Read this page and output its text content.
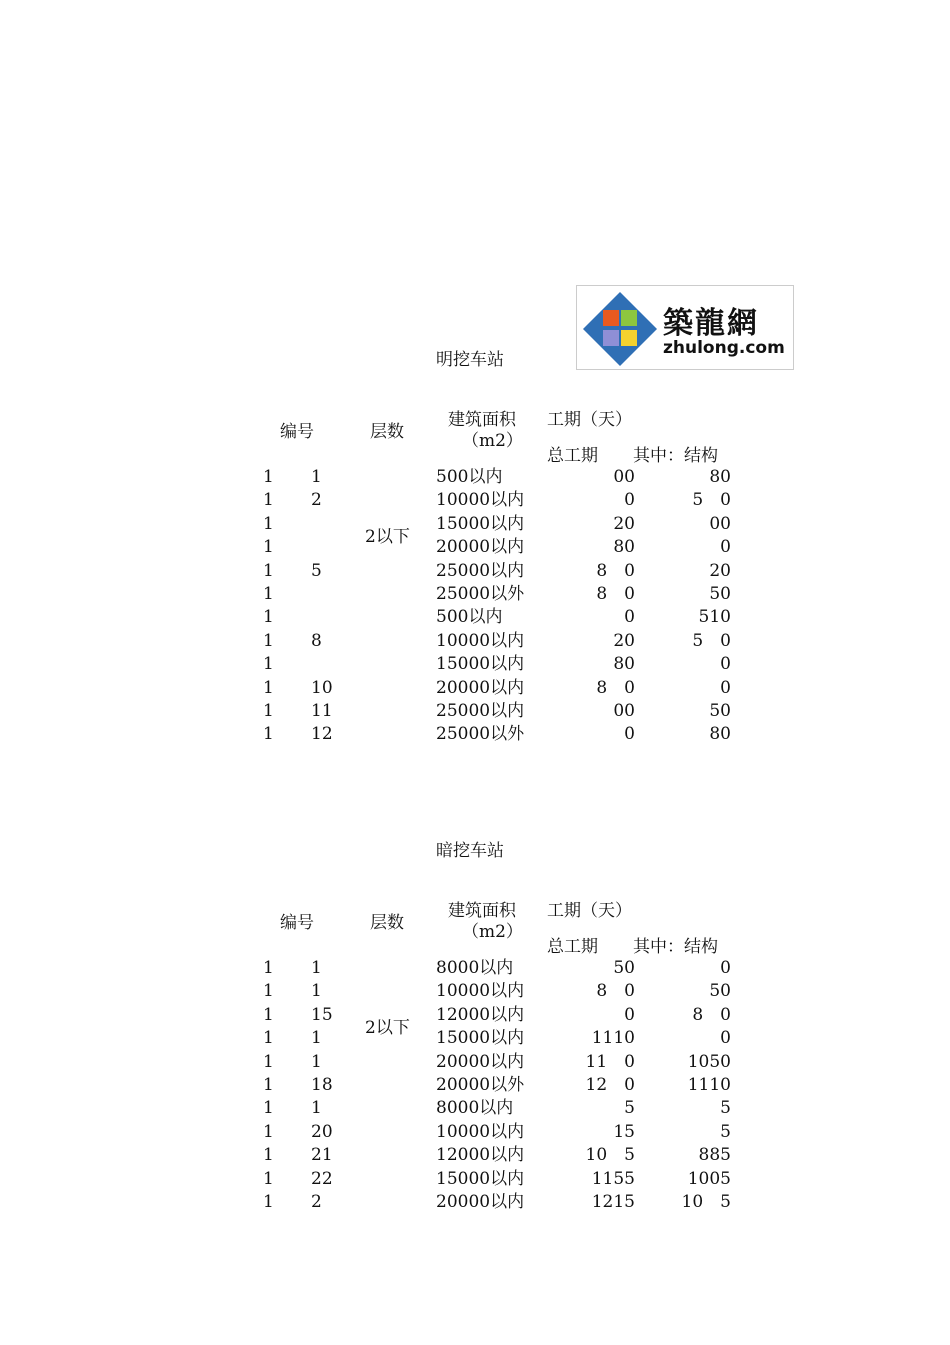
築龍網
zhulong.com
明挖车站
编号	层数
建筑面积
（m2）
工期（天）
总工期 其中：结构
2以下
1 1	500以内	00	80
1 2	10000以内	0	5　0
1	15000以内	20	00
1	20000以内	80	0
1 5	25000以内	8　0	20
1	25000以外	8　0	50
1	500以内	0	510
1 8	10000以内	20	5　0
1	15000以内	80	0
1 10	20000以内	8　0	0
1 11	25000以内	00	50
1 12	25000以外	0	80
暗挖车站
编号	层数
建筑面积
（m2）
工期（天）
总工期 其中：结构
2以下
1 1	8000以内	50	0
1 1	10000以内	8　0	50
1 15	12000以内	0	8　0
1 1	15000以内	1110	0
1 1	20000以内	11　0	1050
1 18	20000以外	12　0	1110
1 1	8000以内	5	5
1 20	10000以内	15	5
1 21	12000以内	10　5	885
1 22	15000以内	1155	1005
1 2	20000以内	1215	10　5
